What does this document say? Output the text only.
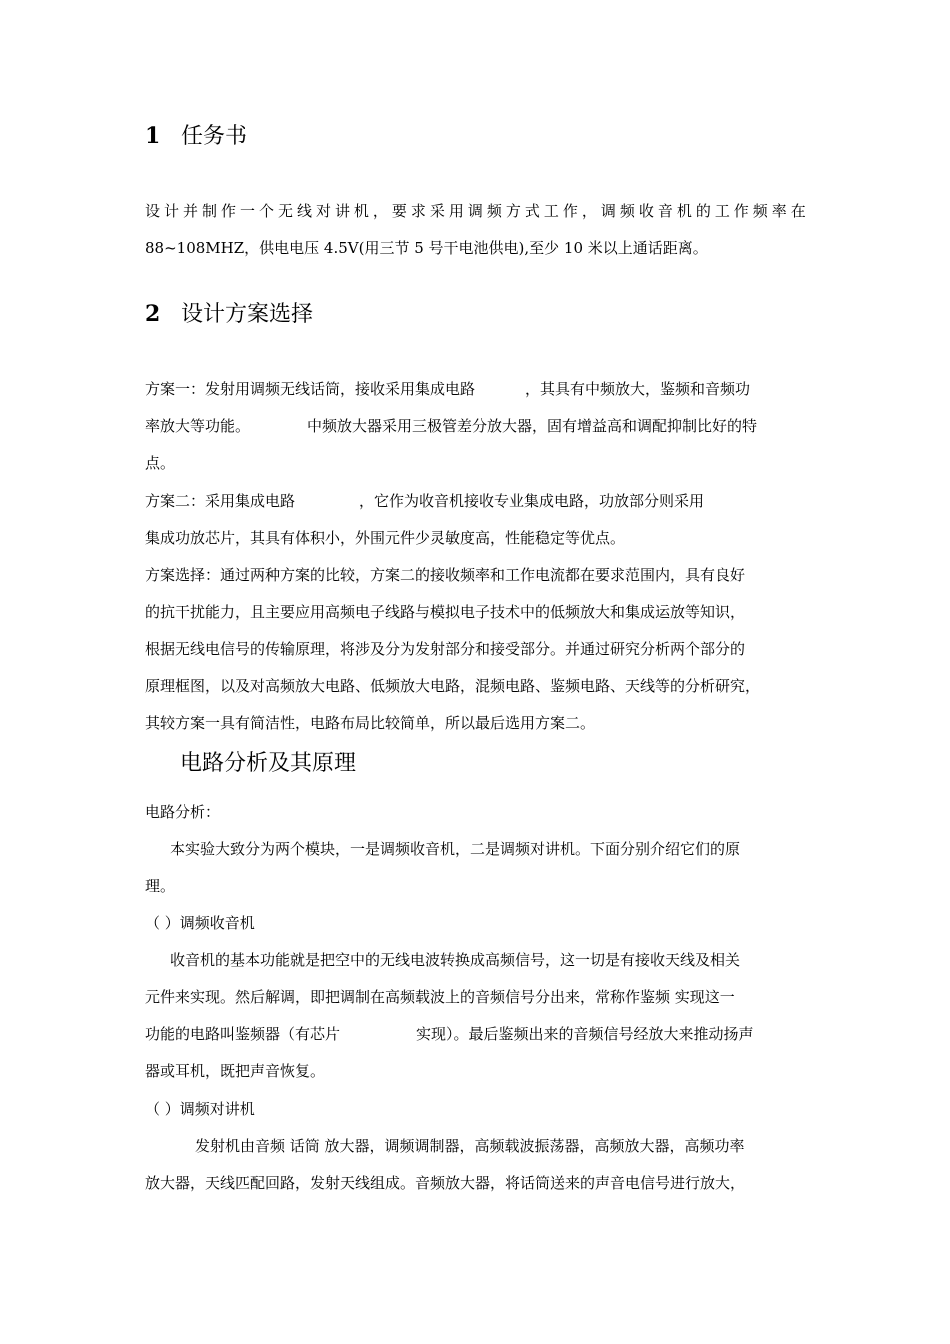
1 任务书
设计并制作一个无线对讲机，要求采用调频方式工作，调频收音机的工作频率在
88~108MHZ，供电电压 4.5V(用三节 5 号干电池供电),至少 10 米以上通话距离。
2 设计方案选择
方案一：发射用调频无线话筒，接收采用集成电路	，其具有中频放大，鉴频和音频功
率放大等功能。	中频放大器采用三极管差分放大器，固有增益高和调配抑制比好的特
点。
方案二：采用集成电路	，它作为收音机接收专业集成电路，功放部分则采用
集成功放芯片，其具有体积小，外围元件少灵敏度高，性能稳定等优点。
方案选择：通过两种方案的比较，方案二的接收频率和工作电流都在要求范围内，具有良好
的抗干扰能力，且主要应用高频电子线路与模拟电子技术中的低频放大和集成运放等知识，
根据无线电信号的传输原理，将涉及分为发射部分和接受部分。并通过研究分析两个部分的
原理框图，以及对高频放大电路、低频放大电路，混频电路、鉴频电路、天线等的分析研究，
其较方案一具有简洁性，电路布局比较简单，所以最后选用方案二。
电路分析及其原理
电路分析：
本实验大致分为两个模块，一是调频收音机，二是调频对讲机。下面分别介绍它们的原
理。
（ ）调频收音机
收音机的基本功能就是把空中的无线电波转换成高频信号，这一切是有接收天线及相关
元件来实现。然后解调，即把调制在高频载波上的音频信号分出来，常称作鉴频 实现这一
功能的电路叫鉴频器（有芯片	实现）。最后鉴频出来的音频信号经放大来推动扬声
器或耳机，既把声音恢复。
（ ）调频对讲机
发射机由音频 话筒 放大器，调频调制器，高频载波振荡器，高频放大器，高频功率
放大器，天线匹配回路，发射天线组成。音频放大器，将话筒送来的声音电信号进行放大，
